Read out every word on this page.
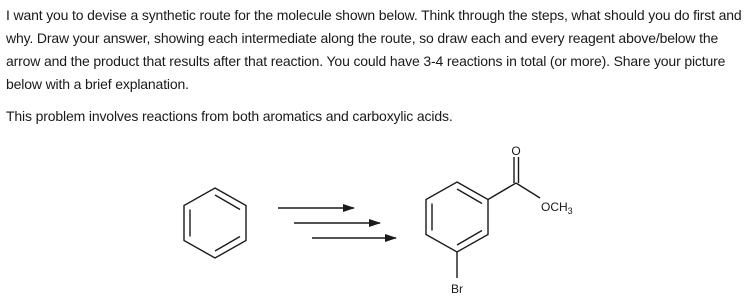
I want you to devise a synthetic route for the molecule shown below. Think through the steps, what should you do first and why. Draw your answer, showing each intermediate along the route, so draw each and every reagent above/below the arrow and the product that results after that reaction. You could have 3-4 reactions in total (or more). Share your picture below with a brief explanation.

This problem involves reactions from both aromatics and carboxylic acids.

O
$OCH_3$
Br
